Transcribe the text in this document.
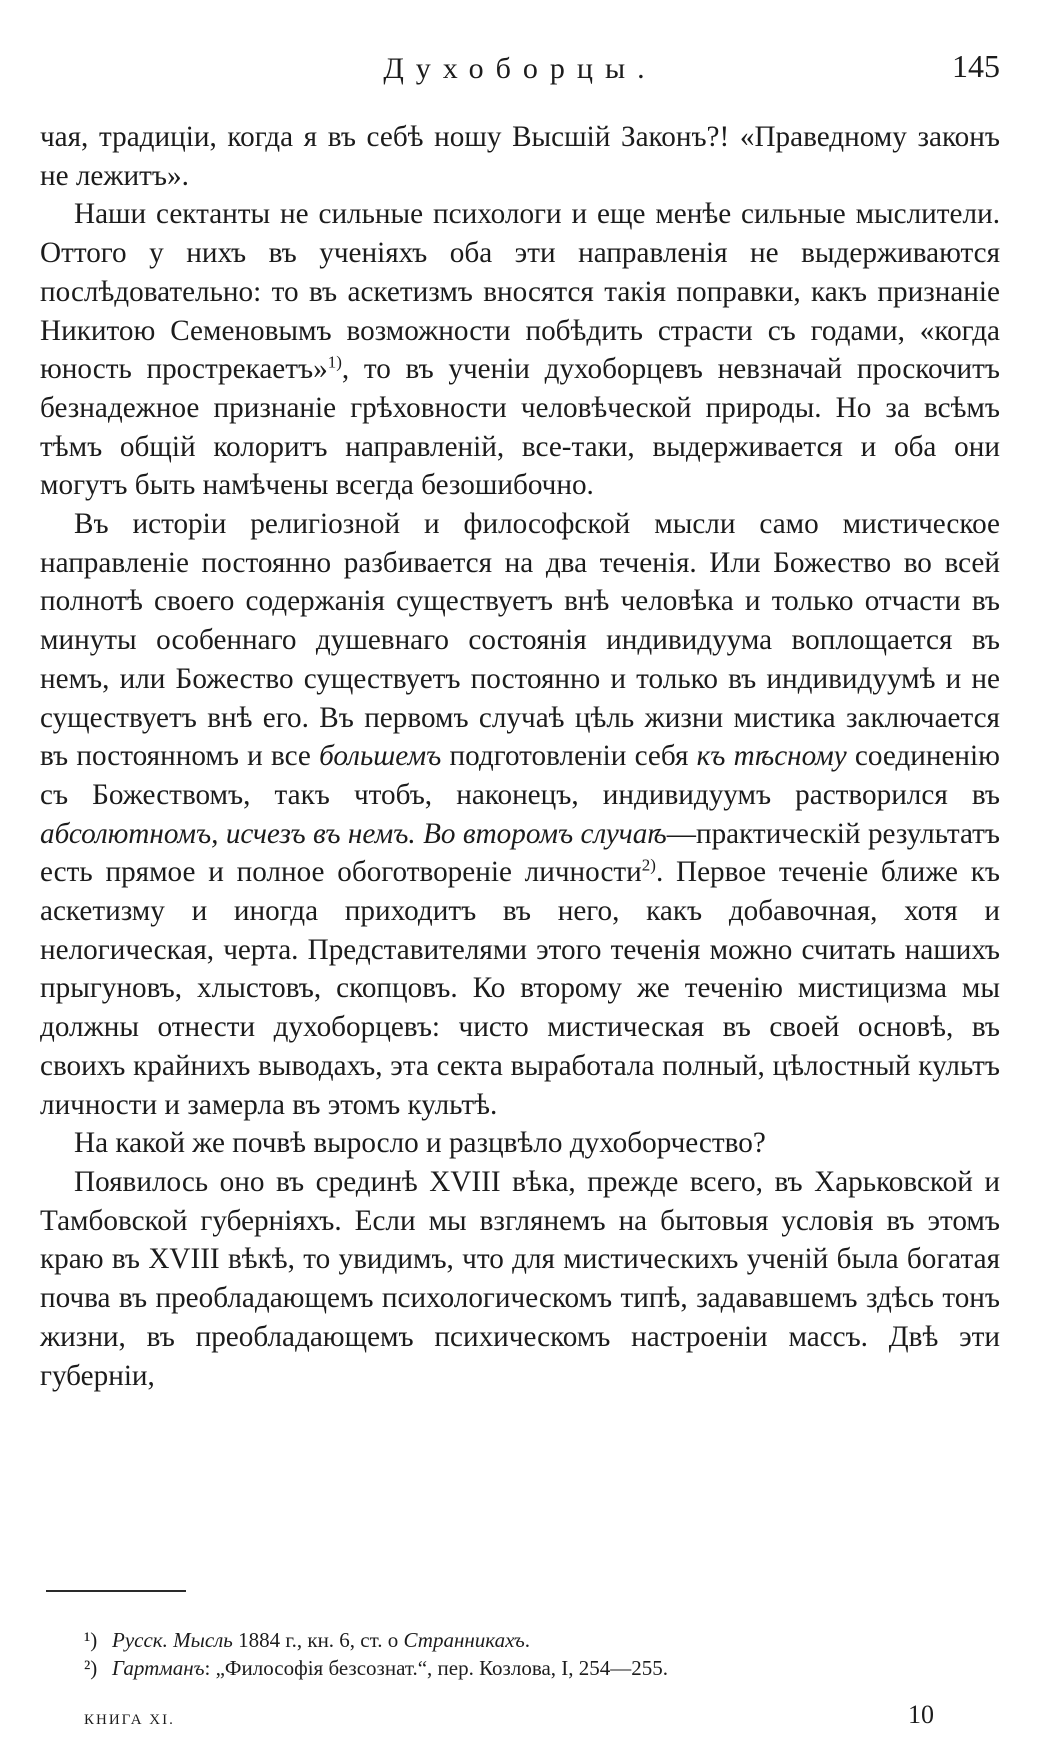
Духоборцы.	145

чая, традиціи, когда я въ себѣ ношу Высшій Законъ?! «Праведному законъ не лежитъ».

Наши сектанты не сильные психологи и еще менѣе сильные мыслители. Оттого у нихъ въ ученіяхъ оба эти направленія не выдерживаются послѣдовательно: то въ аскетизмъ вносятся такія поправки, какъ признаніе Никитою Семеновымъ возможности побѣдить страсти съ годами, «когда юность прострекаетъ»$^{1)}$, то въ ученіи духоборцевъ невзначай проскочитъ безнадежное признаніе грѣховности человѣческой природы. Но за всѣмъ тѣмъ общій колоритъ направленій, все-таки, выдерживается и оба они могутъ быть намѣчены всегда безошибочно.

Въ исторіи религіозной и философской мысли само мистическое направленіе постоянно разбивается на два теченія. Или Божество во всей полнотѣ своего содержанія существуетъ внѣ человѣка и только отчасти въ минуты особеннаго душевнаго состоянія индивидуума воплощается въ немъ, или Божество существуетъ постоянно и только въ индивидуумѣ и не существуетъ внѣ его. Въ первомъ случаѣ цѣль жизни мистика заключается въ постоянномъ и все большемъ подготовленіи себя къ тѣсному соединенію съ Божествомъ, такъ чтобъ, наконецъ, индивидуумъ растворился въ абсолютномъ, исчезъ въ немъ. Во второмъ случаѣ—практическій результатъ есть прямое и полное обоготвореніе личности$^{2)}$. Первое теченіе ближе къ аскетизму и иногда приходитъ въ него, какъ добавочная, хотя и нелогическая, черта. Представителями этого теченія можно считать нашихъ прыгуновъ, хлыстовъ, скопцовъ. Ко второму же теченію мистицизма мы должны отнести духоборцевъ: чисто мистическая въ своей основѣ, въ своихъ крайнихъ выводахъ, эта секта выработала полный, цѣлостный культъ личности и замерла въ этомъ культѣ.

На какой же почвѣ выросло и разцвѣло духоборчество?

Появилось оно въ срединѣ XVIII вѣка, прежде всего, въ Харьковской и Тамбовской губерніяхъ. Если мы взглянемъ на бытовыя условія въ этомъ краю въ XVIII вѣкѣ, то увидимъ, что для мистическихъ ученій была богатая почва въ преобладающемъ психологическомъ типѣ, задававшемъ здѣсь тонъ жизни, въ преобладающемъ психическомъ настроеніи массъ. Двѣ эти губерніи,

¹) Русск. Мысль 1884 г., кн. 6, ст. о Странникахъ.

²) Гартманъ: „Философія безсознат.“, пер. Козлова, I, 254—255.

КНИГА XI.	10
